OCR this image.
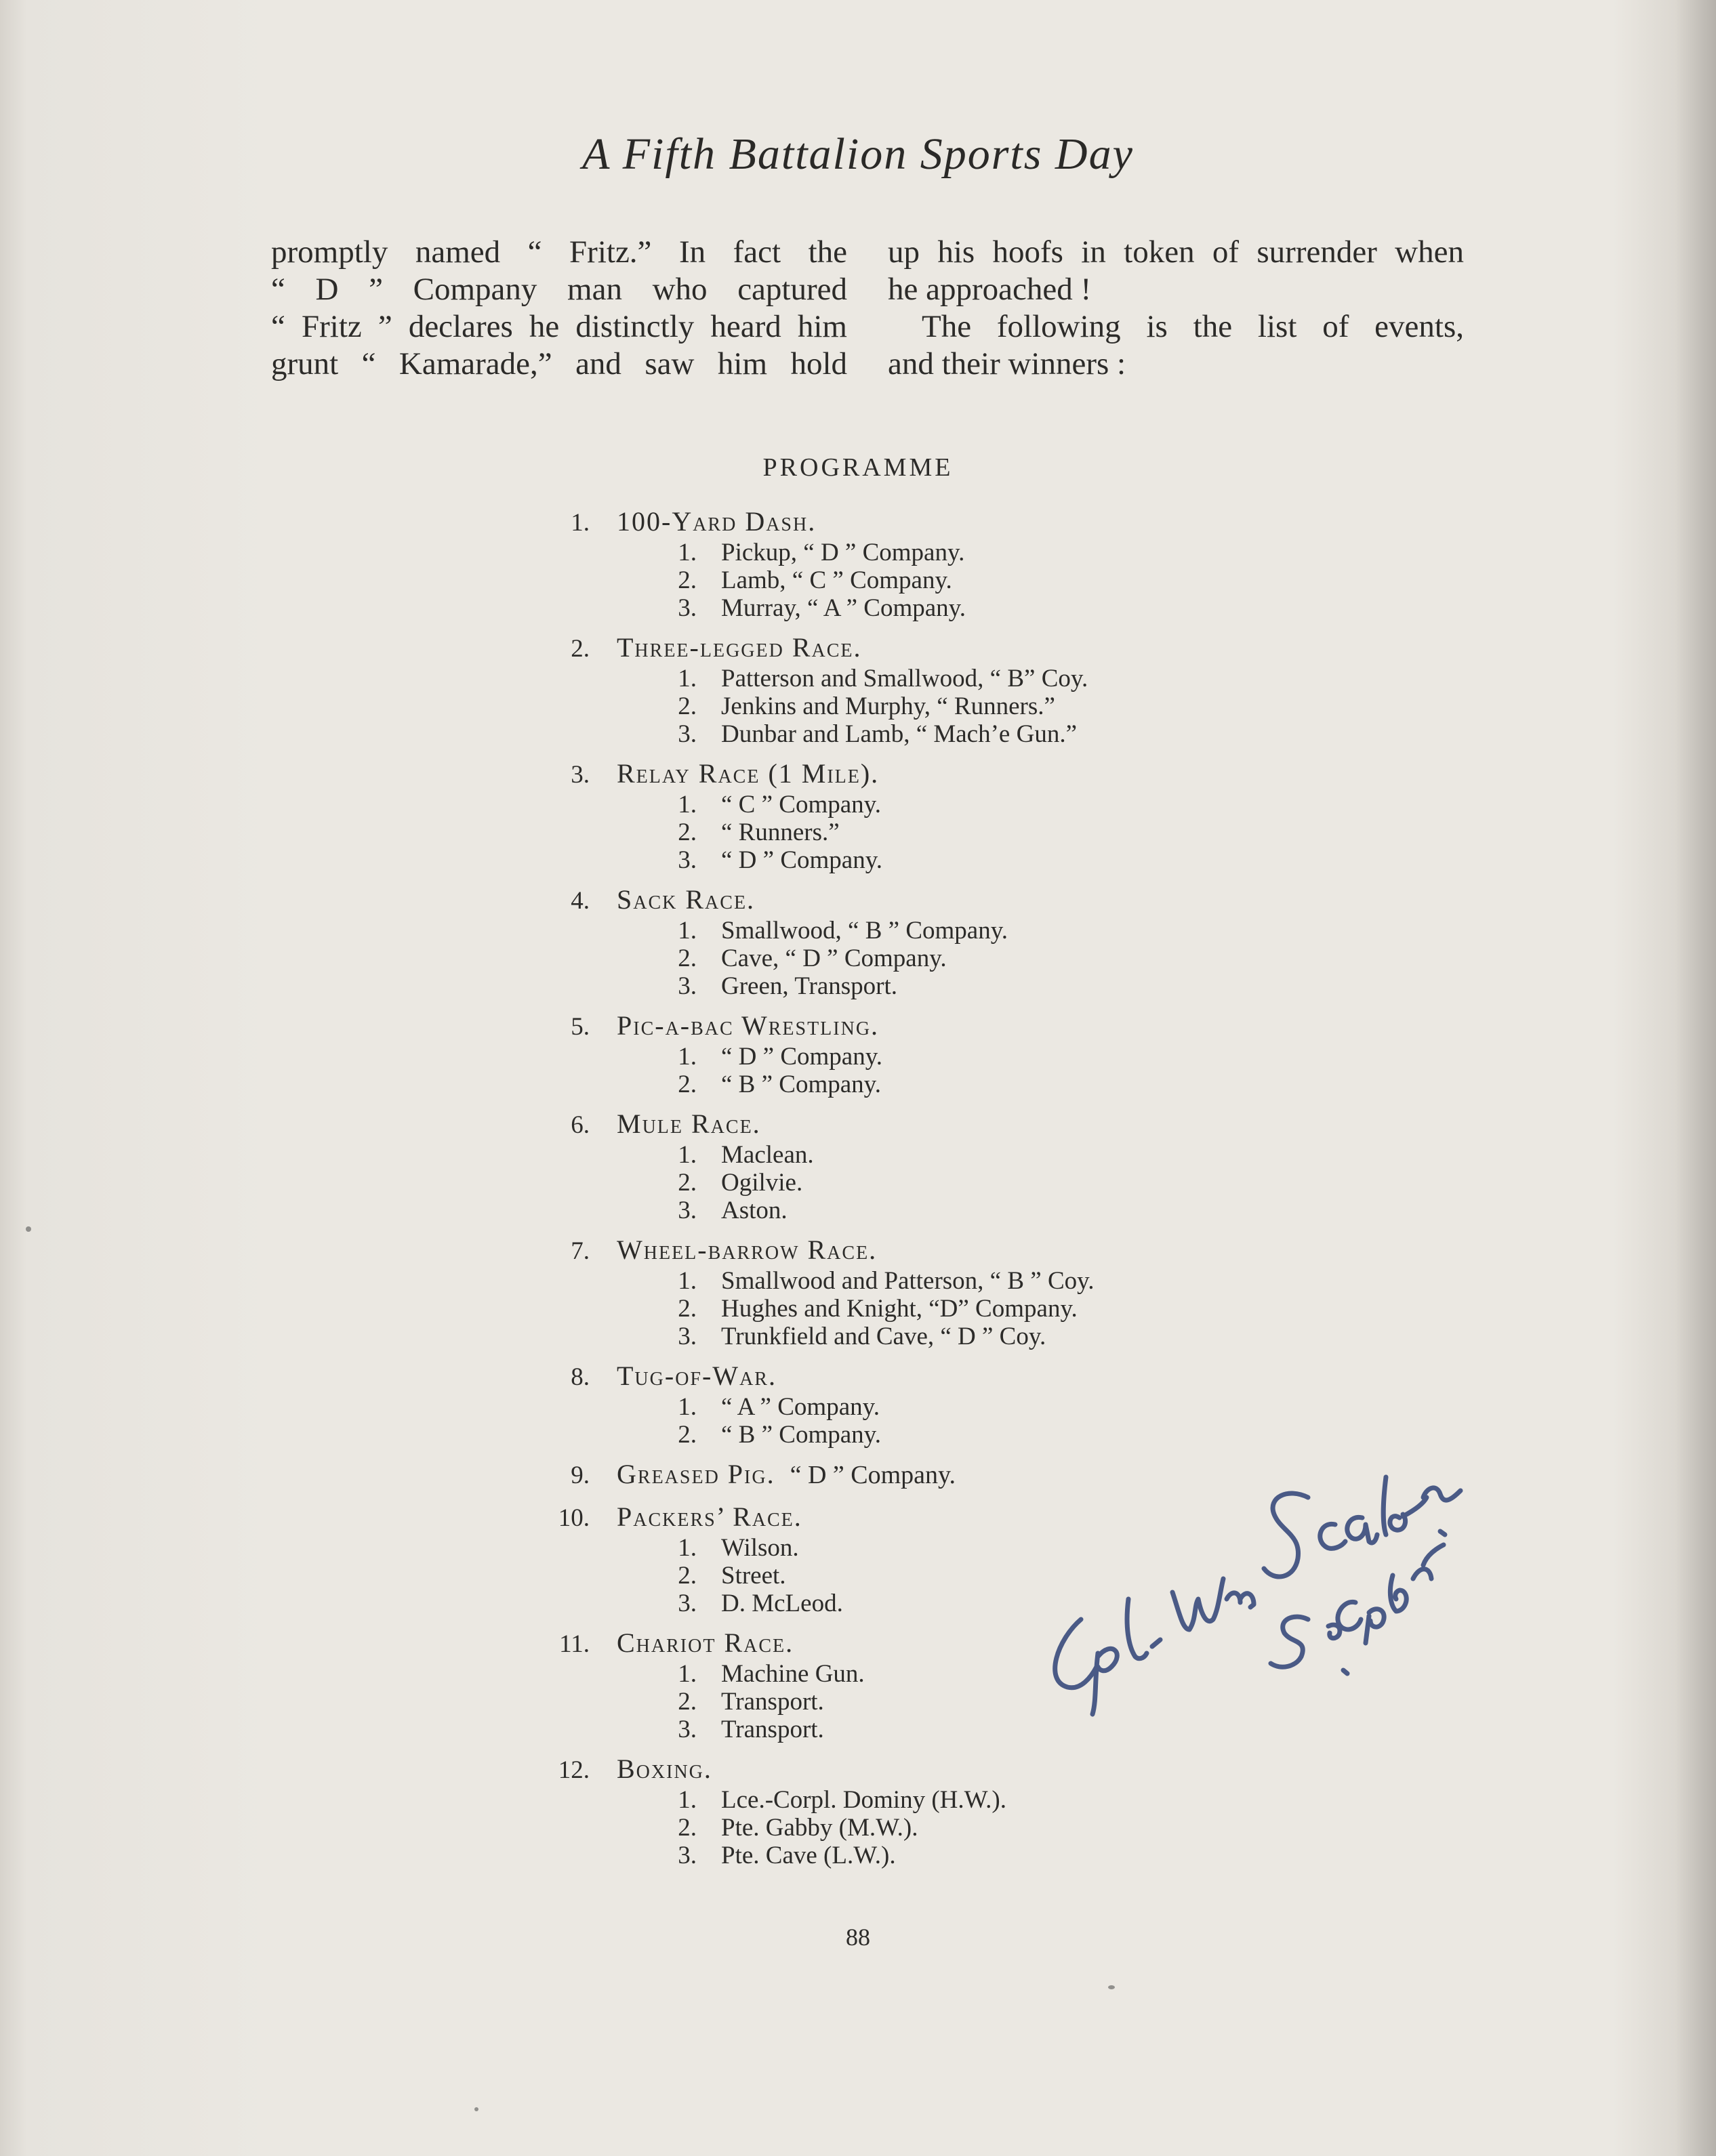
A Fifth Battalion Sports Day

promptly named “ Fritz.” In fact the

“ D ” Company man who captured

“ Fritz ” declares he distinctly heard him

grunt “ Kamarade,” and saw him hold

up his hoofs in token of surrender when

he approached !

The following is the list of events,

and their winners :

PROGRAMME
1.	100-Yard Dash.
1. Pickup, “ D ” Company.
2. Lamb, “ C ” Company.
3. Murray, “ A ” Company.
2.	Three-legged Race.
1. Patterson and Smallwood, “ B” Coy.
2. Jenkins and Murphy, “ Runners.”
3. Dunbar and Lamb, “ Mach’e Gun.”
3.	Relay Race (1 Mile).
1. “ C ” Company.
2. “ Runners.”
3. “ D ” Company.
4.	Sack Race.
1. Smallwood, “ B ” Company.
2. Cave, “ D ” Company.
3. Green, Transport.
5.	Pic-a-bac Wrestling.
1. “ D ” Company.
2. “ B ” Company.
6.	Mule Race.
1. Maclean.
2. Ogilvie.
3. Aston.
7.	Wheel-barrow Race.
1. Smallwood and Patterson, “ B ” Coy.
2. Hughes and Knight, “D” Company.
3. Trunkfield and Cave, “ D ” Coy.
8.	Tug-of-War.
1. “ A ” Company.
2. “ B ” Company.
9.	Greased Pig. “ D ” Company.
10.	Packers’ Race.
1. Wilson.
2. Street.
3. D. McLeod.
11.	Chariot Race.
1. Machine Gun.
2. Transport.
3. Transport.
12.	Boxing.
1. Lce.-Corpl. Dominy (H.W.).
2. Pte. Gabby (M.W.).
3. Pte. Cave (L.W.).
88
